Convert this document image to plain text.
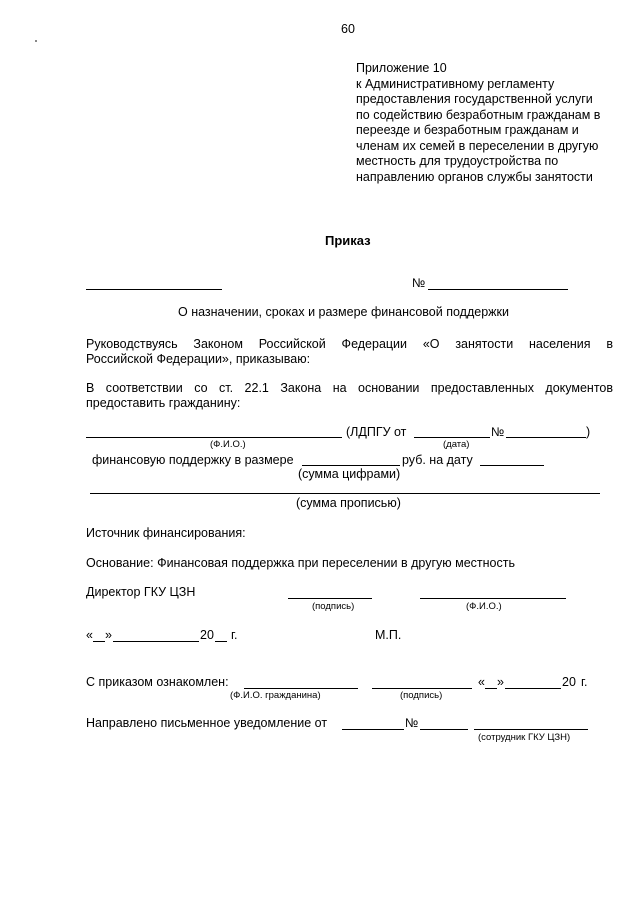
60
Приложение 10
к Административному регламенту
предоставления государственной услуги
по содействию безработным гражданам в
переезде и безработным гражданам и
членам их семей в переселении в другую
местность для трудоустройства по
направлению органов службы занятости
Приказ
№
О назначении, сроках и размере финансовой поддержки
Руководствуясь Законом Российской Федерации «О занятости населения в
Российской Федерации», приказываю:
В соответствии со ст. 22.1 Закона на основании предоставленных документов
предоставить гражданину:
(ЛДПГУ от	№	)
(Ф.И.О.)	(дата)
финансовую поддержку в размере	руб. на дату
(сумма цифрами)
(сумма прописью)
Источник финансирования:
Основание: Финансовая поддержка при переселении в другую местность
Директор ГКУ ЦЗН
(подпись)	(Ф.И.О.)
« »	20 г.	М.П.
С приказом ознакомлен:	« »	20 г.
(Ф.И.О. гражданина)	(подпись)
Направлено письменное уведомление от	№
(сотрудник ГКУ ЦЗН)
